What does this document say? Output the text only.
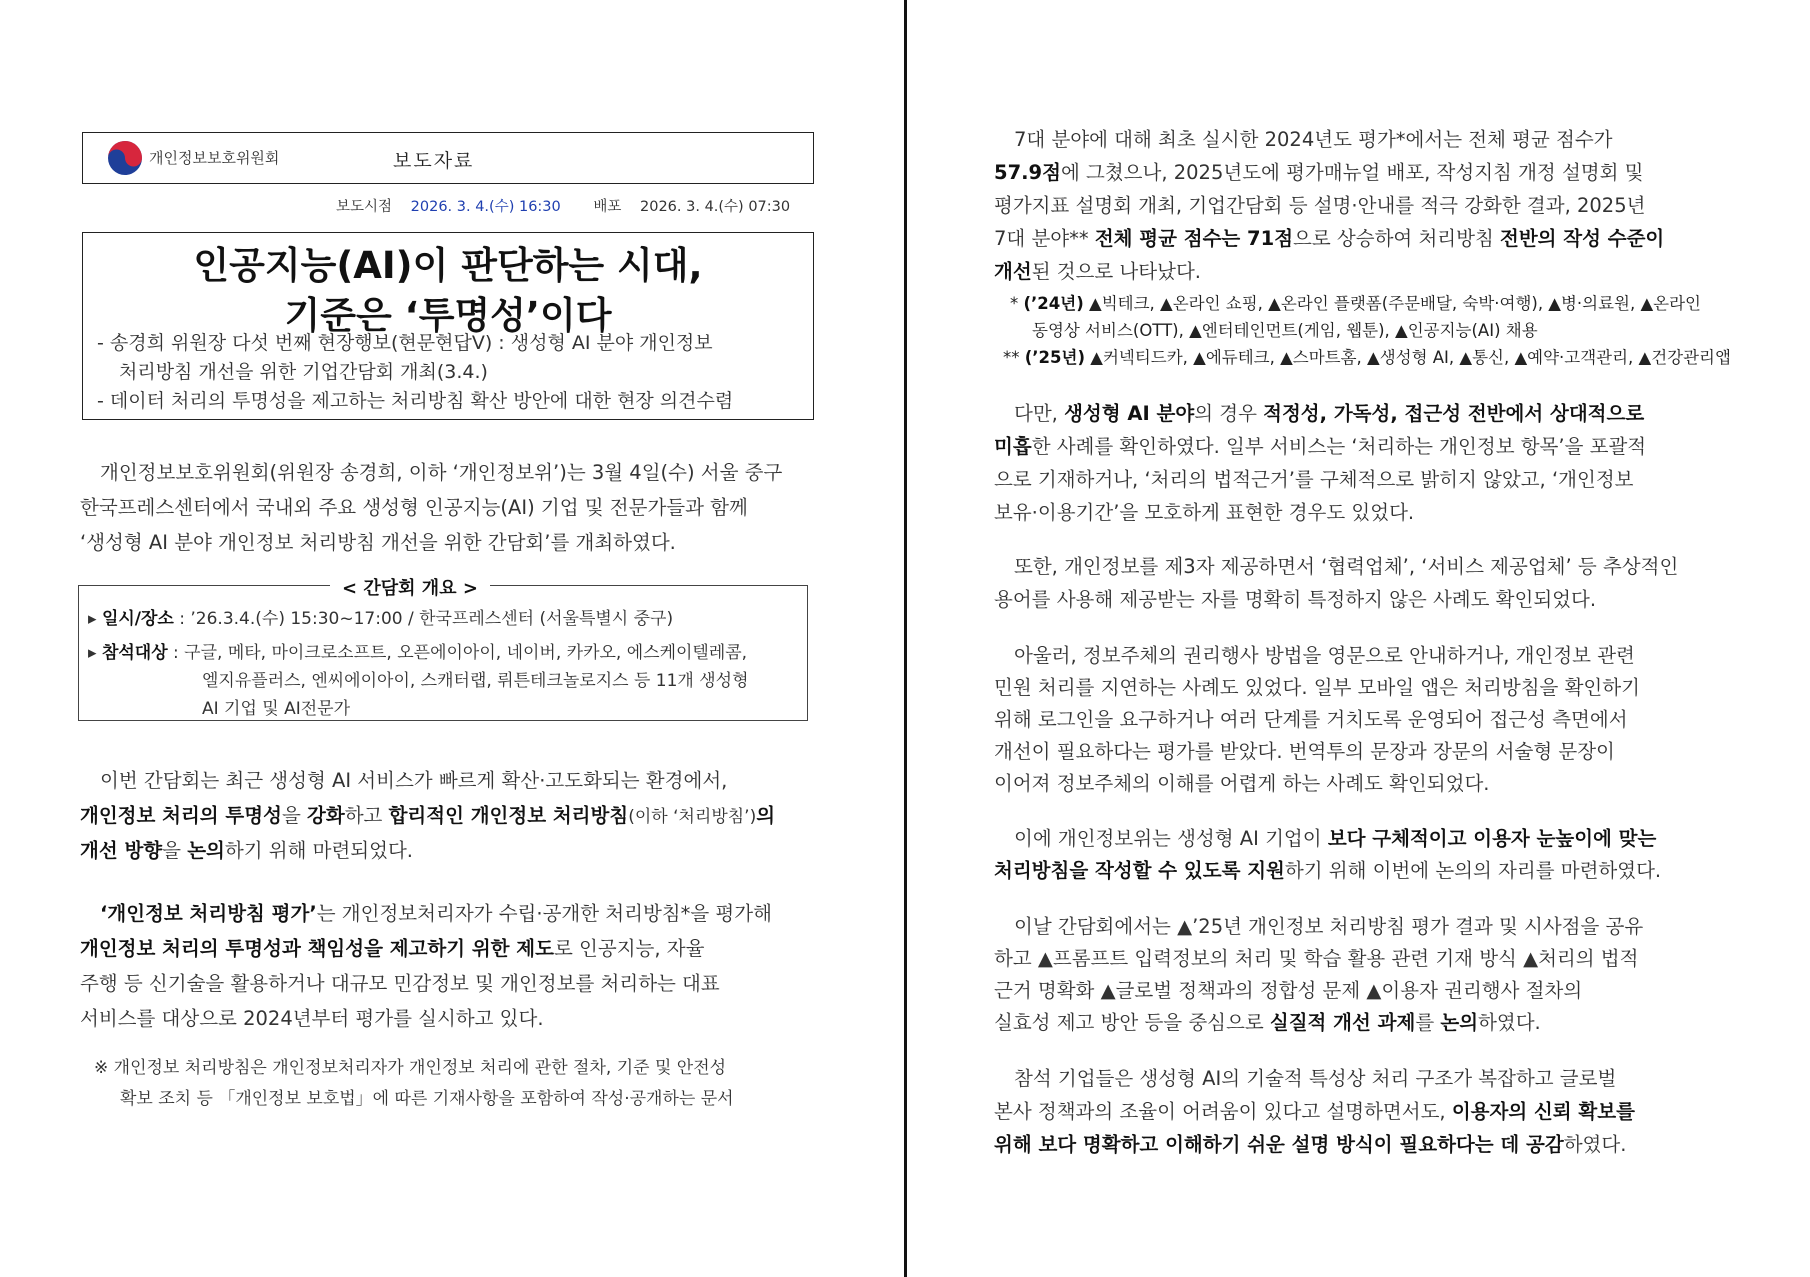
개인정보보호위원회	보도자료
보도시점 2026. 3. 4.(수) 16:30 배포 2026. 3. 4.(수) 07:30
인공지능(AI)이 판단하는 시대,
기준은 ‘투명성’이다
- 송경희 위원장 다섯 번째 현장행보(현문현답Ⅴ) : 생성형 AI 분야 개인정보
처리방침 개선을 위한 기업간담회 개최(3.4.)
- 데이터 처리의 투명성을 제고하는 처리방침 확산 방안에 대한 현장 의견수렴
개인정보보호위원회(위원장 송경희, 이하 ‘개인정보위’)는 3월 4일(수) 서울 중구
한국프레스센터에서 국내외 주요 생성형 인공지능(AI) 기업 및 전문가들과 함께
‘생성형 AI 분야 개인정보 처리방침 개선을 위한 간담회’를 개최하였다.
< 간담회 개요 >
▸ 일시/장소 : ’26.3.4.(수) 15:30~17:00 / 한국프레스센터 (서울특별시 중구)
▸ 참석대상 : 구글, 메타, 마이크로소프트, 오픈에이아이, 네이버, 카카오, 에스케이텔레콤,
엘지유플러스, 엔씨에이아이, 스캐터랩, 뤼튼테크놀로지스 등 11개 생성형
AI 기업 및 AI전문가
이번 간담회는 최근 생성형 AI 서비스가 빠르게 확산·고도화되는 환경에서,
개인정보 처리의 투명성을 강화하고 합리적인 개인정보 처리방침(이하 ‘처리방침’)의
개선 방향을 논의하기 위해 마련되었다.
‘개인정보 처리방침 평가’는 개인정보처리자가 수립·공개한 처리방침*을 평가해
개인정보 처리의 투명성과 책임성을 제고하기 위한 제도로 인공지능, 자율
주행 등 신기술을 활용하거나 대규모 민감정보 및 개인정보를 처리하는 대표
서비스를 대상으로 2024년부터 평가를 실시하고 있다.
※ 개인정보 처리방침은 개인정보처리자가 개인정보 처리에 관한 절차, 기준 및 안전성
확보 조치 등 「개인정보 보호법」에 따른 기재사항을 포함하여 작성·공개하는 문서
7대 분야에 대해 최초 실시한 2024년도 평가*에서는 전체 평균 점수가
57.9점에 그쳤으나, 2025년도에 평가매뉴얼 배포, 작성지침 개정 설명회 및
평가지표 설명회 개최, 기업간담회 등 설명·안내를 적극 강화한 결과, 2025년
7대 분야** 전체 평균 점수는 71점으로 상승하여 처리방침 전반의 작성 수준이
개선된 것으로 나타났다.
* (’24년) ▲빅테크, ▲온라인 쇼핑, ▲온라인 플랫폼(주문배달, 숙박·여행), ▲병·의료원, ▲온라인
동영상 서비스(OTT), ▲엔터테인먼트(게임, 웹툰), ▲인공지능(AI) 채용
** (’25년) ▲커넥티드카, ▲에듀테크, ▲스마트홈, ▲생성형 AI, ▲통신, ▲예약·고객관리, ▲건강관리앱
다만, 생성형 AI 분야의 경우 적정성, 가독성, 접근성 전반에서 상대적으로
미흡한 사례를 확인하였다. 일부 서비스는 ‘처리하는 개인정보 항목’을 포괄적
으로 기재하거나, ‘처리의 법적근거’를 구체적으로 밝히지 않았고, ‘개인정보
보유·이용기간’을 모호하게 표현한 경우도 있었다.
또한, 개인정보를 제3자 제공하면서 ‘협력업체’, ‘서비스 제공업체’ 등 추상적인
용어를 사용해 제공받는 자를 명확히 특정하지 않은 사례도 확인되었다.
아울러, 정보주체의 권리행사 방법을 영문으로 안내하거나, 개인정보 관련
민원 처리를 지연하는 사례도 있었다. 일부 모바일 앱은 처리방침을 확인하기
위해 로그인을 요구하거나 여러 단계를 거치도록 운영되어 접근성 측면에서
개선이 필요하다는 평가를 받았다. 번역투의 문장과 장문의 서술형 문장이
이어져 정보주체의 이해를 어렵게 하는 사례도 확인되었다.
이에 개인정보위는 생성형 AI 기업이 보다 구체적이고 이용자 눈높이에 맞는
처리방침을 작성할 수 있도록 지원하기 위해 이번에 논의의 자리를 마련하였다.
이날 간담회에서는 ▲’25년 개인정보 처리방침 평가 결과 및 시사점을 공유
하고 ▲프롬프트 입력정보의 처리 및 학습 활용 관련 기재 방식 ▲처리의 법적
근거 명확화 ▲글로벌 정책과의 정합성 문제 ▲이용자 권리행사 절차의
실효성 제고 방안 등을 중심으로 실질적 개선 과제를 논의하였다.
참석 기업들은 생성형 AI의 기술적 특성상 처리 구조가 복잡하고 글로벌
본사 정책과의 조율이 어려움이 있다고 설명하면서도, 이용자의 신뢰 확보를
위해 보다 명확하고 이해하기 쉬운 설명 방식이 필요하다는 데 공감하였다.
